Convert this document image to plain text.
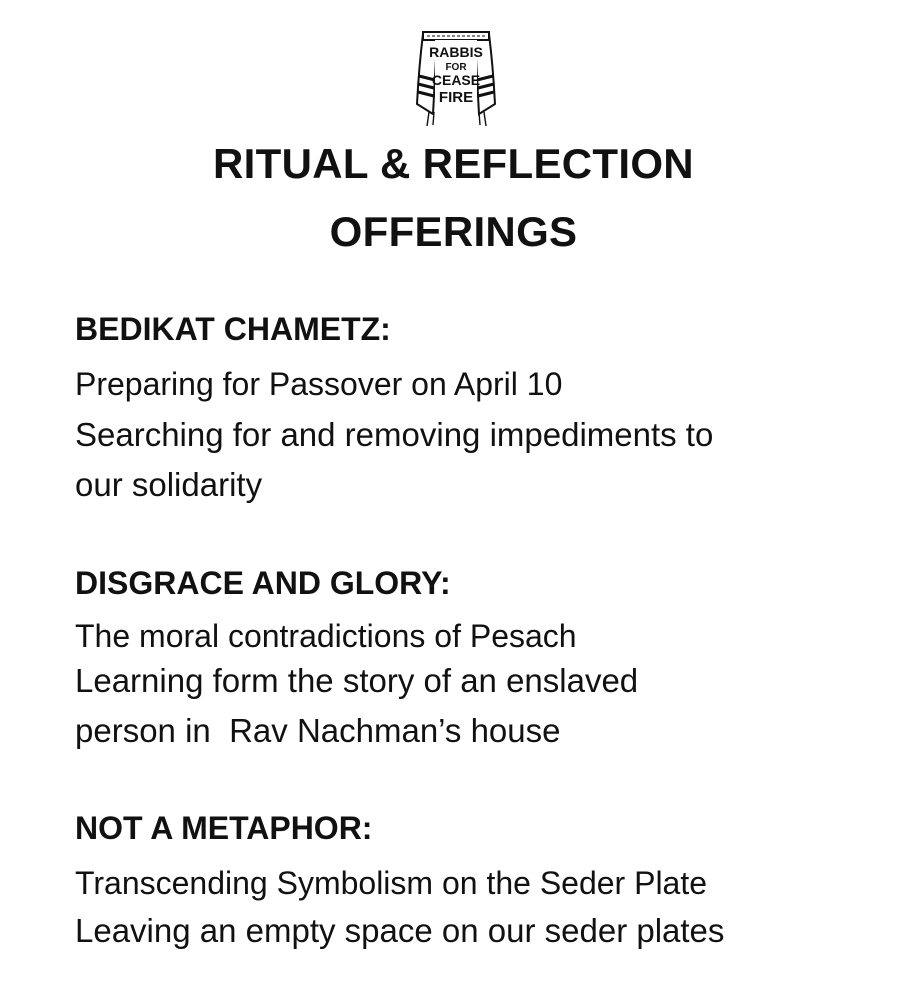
RABBIS
FOR
CEASE
FIRE
RITUAL & REFLECTION
OFFERINGS
BEDIKAT CHAMETZ:
Preparing for Passover on April 10
Searching for and removing impediments to
our solidarity
DISGRACE AND GLORY:
The moral contradictions of Pesach
Learning form the story of an enslaved
person in  Rav Nachman’s house
NOT A METAPHOR:
Transcending Symbolism on the Seder Plate
Leaving an empty space on our seder plates
